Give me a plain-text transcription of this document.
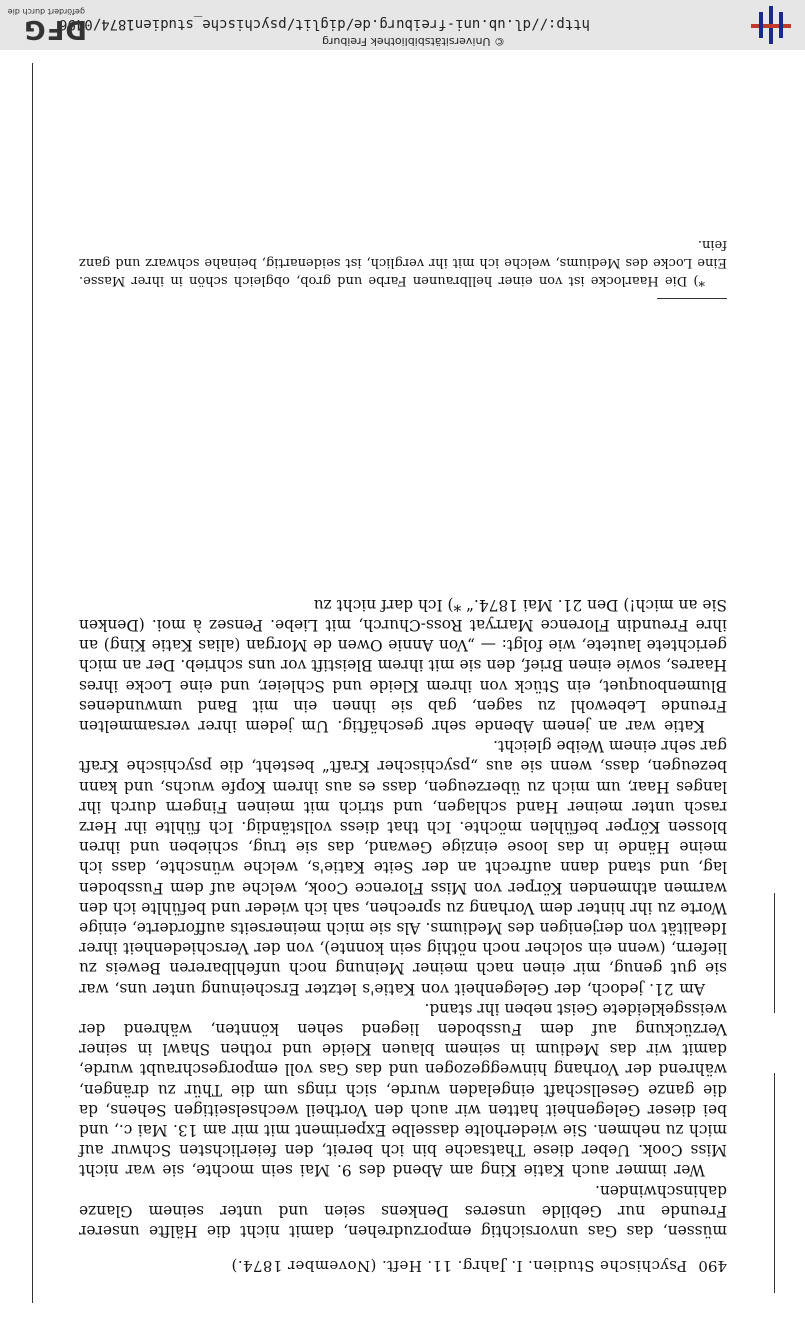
http://dl.ub.uni-freiburg.de/diglit/psychische_studien1874/0496
© Universitätsbibliothek Freiburg
DFG
gefördert durch die
490
Psychische Studien. I. Jahrg. 11. Heft. (November 1874.)

müssen, das Gas unvorsichtig emporzudrehen, damit nicht die Hälfte unserer Freunde nur Gebilde unseres Denkens seien und unter seinem Glanze dahinschwinden.

Wer immer auch Katie King am Abend des 9. Mai sein mochte, sie war nicht Miss Cook. Ueber diese Thatsache bin ich bereit, den feierlichsten Schwur auf mich zu nehmen. Sie wiederholte dasselbe Experiment mit mir am 13. Mai c., und bei dieser Gelegenheit hatten wir auch den Vortheil wechselseitigen Sehens, da die ganze Gesellschaft eingeladen wurde, sich rings um die Thür zu drängen, während der Vorhang hinweggezogen und das Gas voll emporgeschraubt wurde, damit wir das Medium in seinem blauen Kleide und rothen Shawl in seiner Verzückung auf dem Fussboden liegend sehen könnten, während der weissgekleidete Geist neben ihr stand.

Am 21. jedoch, der Gelegenheit von Katie's letzter Erscheinung unter uns, war sie gut genug, mir einen nach meiner Meinung noch unfehlbareren Beweis zu liefern, (wenn ein solcher noch nöthig sein konnte), von der Verschiedenheit ihrer Idealität von derjenigen des Mediums. Als sie mich meinerseits aufforderte, einige Worte zu ihr hinter dem Vorhang zu sprechen, sah ich wieder und befühlte ich den warmen athmenden Körper von Miss Florence Cook, welche auf dem Fussboden lag, und stand dann aufrecht an der Seite Katie's, welche wünschte, dass ich meine Hände in das loose einzige Gewand, das sie trug, schieben und ihren blossen Körper befühlen möchte. Ich that diess vollständig. Ich fühlte ihr Herz rasch unter meiner Hand schlagen, und strich mit meinen Fingern durch ihr langes Haar, um mich zu überzeugen, dass es aus ihrem Kopfe wuchs, und kann bezeugen, dass, wenn sie aus „psychischer Kraft“ besteht, die psychische Kraft gar sehr einem Weibe gleicht.

Katie war an jenem Abende sehr geschäftig. Um jedem ihrer versammelten Freunde Lebewohl zu sagen, gab sie ihnen ein mit Band umwundenes Blumenbouquet, ein Stück von ihrem Kleide und Schleier, und eine Locke ihres Haares, sowie einen Brief, den sie mit ihrem Bleistift vor uns schrieb. Der an mich gerichtete lautete, wie folgt: — „Von Annie Owen de Morgan (alias Katie King) an ihre Freundin Florence Marryat Ross-Church, mit Liebe. Pensez à moi. (Denken Sie an mich!) Den 21. Mai 1874.“ *) Ich darf nicht zu

*) Die Haarlocke ist von einer hellbraunen Farbe und grob, obgleich schön in ihrer Masse. Eine Locke des Mediums, welche ich mit ihr verglich, ist seidenartig, beinahe schwarz und ganz fein.
